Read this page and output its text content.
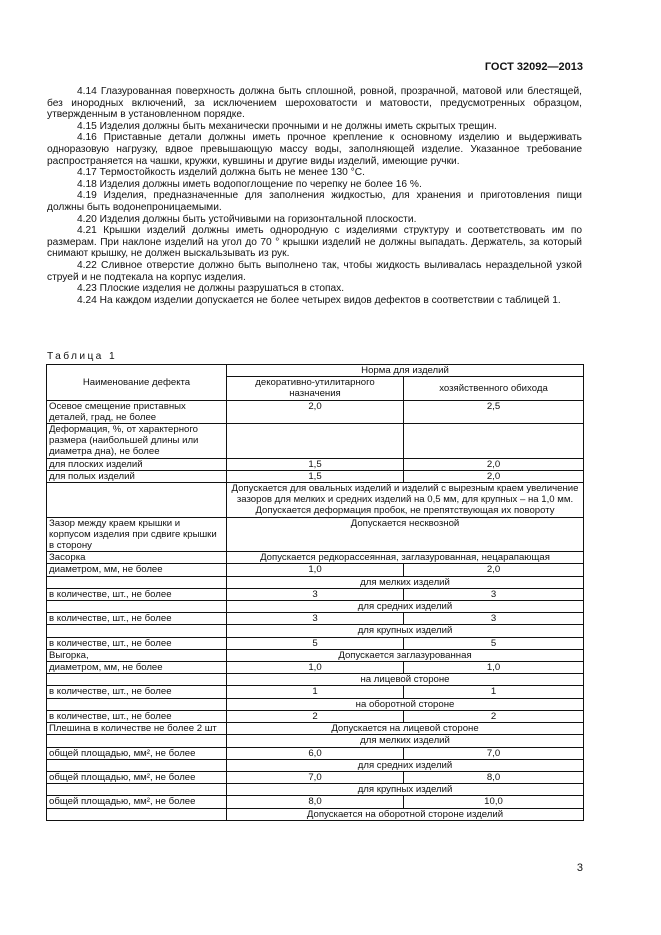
ГОСТ 32092—2013

4.14 Глазурованная поверхность должна быть сплошной, ровной, прозрачной, матовой или блестящей, без инородных включений, за исключением шероховатости и матовости, предусмотренных образцом, утвержденным в установленном порядке.

4.15 Изделия должны быть механически прочными и не должны иметь скрытых трещин.

4.16 Приставные детали должны иметь прочное крепление к основному изделию и выдерживать одноразовую нагрузку, вдвое превышающую массу воды, заполняющей изделие. Указанное требование распространяется на чашки, кружки, кувшины и другие виды изделий, имеющие ручки.

4.17 Термостойкость изделий должна быть не менее 130 °С.

4.18 Изделия должны иметь водопоглощение по черепку не более 16 %.

4.19 Изделия, предназначенные для заполнения жидкостью, для хранения и приготовления пищи должны быть водонепроницаемыми.

4.20 Изделия должны быть устойчивыми на горизонтальной плоскости.

4.21 Крышки изделий должны иметь однородную с изделиями структуру и соответствовать им по размерам. При наклоне изделий на угол до 70 ° крышки изделий не должны выпадать. Держатель, за который снимают крышку, не должен выскальзывать из рук.

4.22 Сливное отверстие должно быть выполнено так, чтобы жидкость выливалась нераздельной узкой струей и не подтекала на корпус изделия.

4.23 Плоские изделия не должны разрушаться в стопах.

4.24 На каждом изделии допускается не более четырех видов дефектов в соответствии с таблицей 1.

Таблица 1
Наименование дефекта	Норма для изделий	
	декоративно-утилитарного назначения	хозяйственного обихода
Осевое смещение приставных деталей, град, не более	2,0	2,5
Деформация, %, от характерного размера (наибольшей длины или диаметра дна), не более		
для плоских изделий	1,5	2,0
для полых изделий	1,5	2,0
	Допускается для овальных изделий и изделий с вырезным краем увеличение зазоров для мелких и средних изделий на 0,5 мм, для крупных – на 1,0 мм. Допускается деформация пробок, не препятствующая их повороту	
Зазор между краем крышки и корпусом изделия при сдвиге крышки в сторону	Допускается несквозной	
Засорка	Допускается редкорассеянная, заглазурованная, нецарапающая	
диаметром, мм, не более	1,0	2,0
	для мелких изделий	
в количестве, шт., не более	3	3
	для средних изделий	
в количестве, шт., не более	3	3
	для крупных изделий	
в количестве, шт., не более	5	5
Выгорка,	Допускается заглазурованная	
диаметром, мм, не более	1,0	1,0
	на лицевой стороне	
в количестве, шт., не более	1	1
	на оборотной стороне	
в количестве, шт., не более	2	2
Плешина в количестве не более 2 шт	Допускается на лицевой стороне	
	для мелких изделий	
общей площадью, мм², не более	6,0	7,0
	для средних изделий	
общей площадью, мм², не более	7,0	8,0
	для крупных изделий	
общей площадью, мм², не более	8,0	10,0
	Допускается на оборотной стороне изделий	
3
